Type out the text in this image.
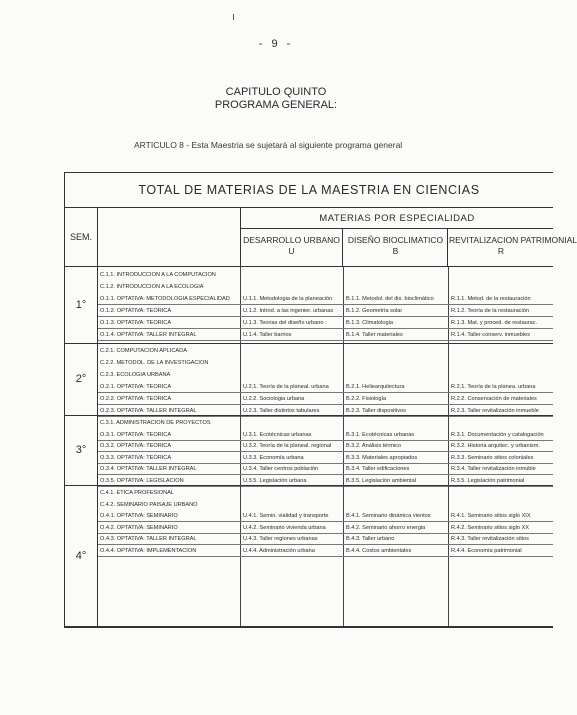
- 9 -
CAPITULO QUINTO
PROGRAMA GENERAL:
ARTICULO 8 - Esta Maestria se sujetará al siguiente programa general
TOTAL DE MATERIAS DE LA MAESTRIA EN CIENCIAS
SEM.
MATERIAS POR ESPECIALIDAD
DESARROLLO URBANO
U
DISEÑO BIOCLIMATICO
B
REVITALIZACION PATRIMONIAL
R
1°
C.1.1. INTRODUCCION A LA COMPUTACION
C.1.2. INTRODUCCION A LA ECOLOGIA
O.1.1. OPTATIVA: METODOLOGIA ESPECIALIDAD	U.1.1. Metodologia de la planeación	B.1.1. Metodol. del dis. bioclimático	R.1.1. Metod. de la restauración
O.1.2. OPTATIVA: TEORICA	U.1.2. Introd. a las ingenier. urbanas	B.1.2. Geometría solar	R.1.2. Teoría de la restauración
O.1.3. OPTATIVA: TEORICA	U.1.3. Teorias del diseño urbano	B.1.3. Climatologia	R.1.3. Mat. y proced. de restaurac.
O.1.4. OPTATIVA: TALLER INTEGRAL	U.1.4. Taller barrios	B.1.4. Taller materiales	R.1.4. Taller conserv. inmuebles
2°
C.2.1. COMPUTACION APLICADA
C.2.2. METODOL. DE LA INVESTIGACION
C.2.3. ECOLOGIA URBANA
O.2.1. OPTATIVA: TEORICA	U.2.1. Teoría de la planeal. urbana	B.2.1. Heliearquitectura	R.2.1. Teoría de la planea. urbana
O.2.2. OPTATIVA: TEORICA	U.2.2. Sociologia urbana	B.2.2. Fisiología	R.2.2. Conservación de materiales
O.2.3. OPTATIVA: TALLER INTEGRAL	U.2.3. Taller distintos tabulares	B.2.3. Taller dispositivos	R.2.3. Taller revitalización inmueble
3°
C.3.1. ADMINISTRACION DE PROYECTOS
O.3.1. OPTATIVA: TEORICA	U.3.1. Ecotécnicas urbanas	B.3.1. Ecotécnicas urbanas	R.3.1. Documentación y catalogación
O.3.2. OPTATIVA: TEORICA	U.3.2. Teoría de la planeal. regional	B.3.2. Análisis térmico	R.3.2. Historia arquitec. y urbanism.
O.3.3. OPTATIVA: TEORICA	U.3.3. Economía urbana	B.3.3. Materiales apropiados	R.3.3. Seminario sitios coloniales
O.3.4. OPTATIVA: TALLER INTEGRAL	U.3.4. Taller centros población	B.3.4. Taller edificaciones	R.3.4. Taller revitalización inmuble
O.3.5. OPTATIVA: LEGISLACION	U.3.5. Legislación urbana	B.3.5. Legislación ambiental	R.3.5. Legislación patrimonial
4°
C.4.1. ETICA PROFESIONAL
C.4.2. SEMINARIO PAISAJE URBANO
O.4.1. OPTATIVA: SEMINARIO	U.4.1. Semin. vialidad y transporte	B.4.1. Seminario dinámica vientos	R.4.1. Seminario sitios siglo XIX
O.4.2. OPTATIVA: SEMINARIO	U.4.2. Seminario vivienda urbana	B.4.2. Seminario ahorro energia	R.4.2. Seminario sitios siglo XX
O.4.3. OPTATIVA: TALLER INTEGRAL	U.4.3. Taller regiones urbanas	B.4.3. Taller urbano	R.4.3. Taller revitalización sitios
O.4.4. OPTATIVA: IMPLEMENTACION	U.4.4. Administración urbana	B.4.4. Costos ambientales	R.4.4. Economía patrimonial
